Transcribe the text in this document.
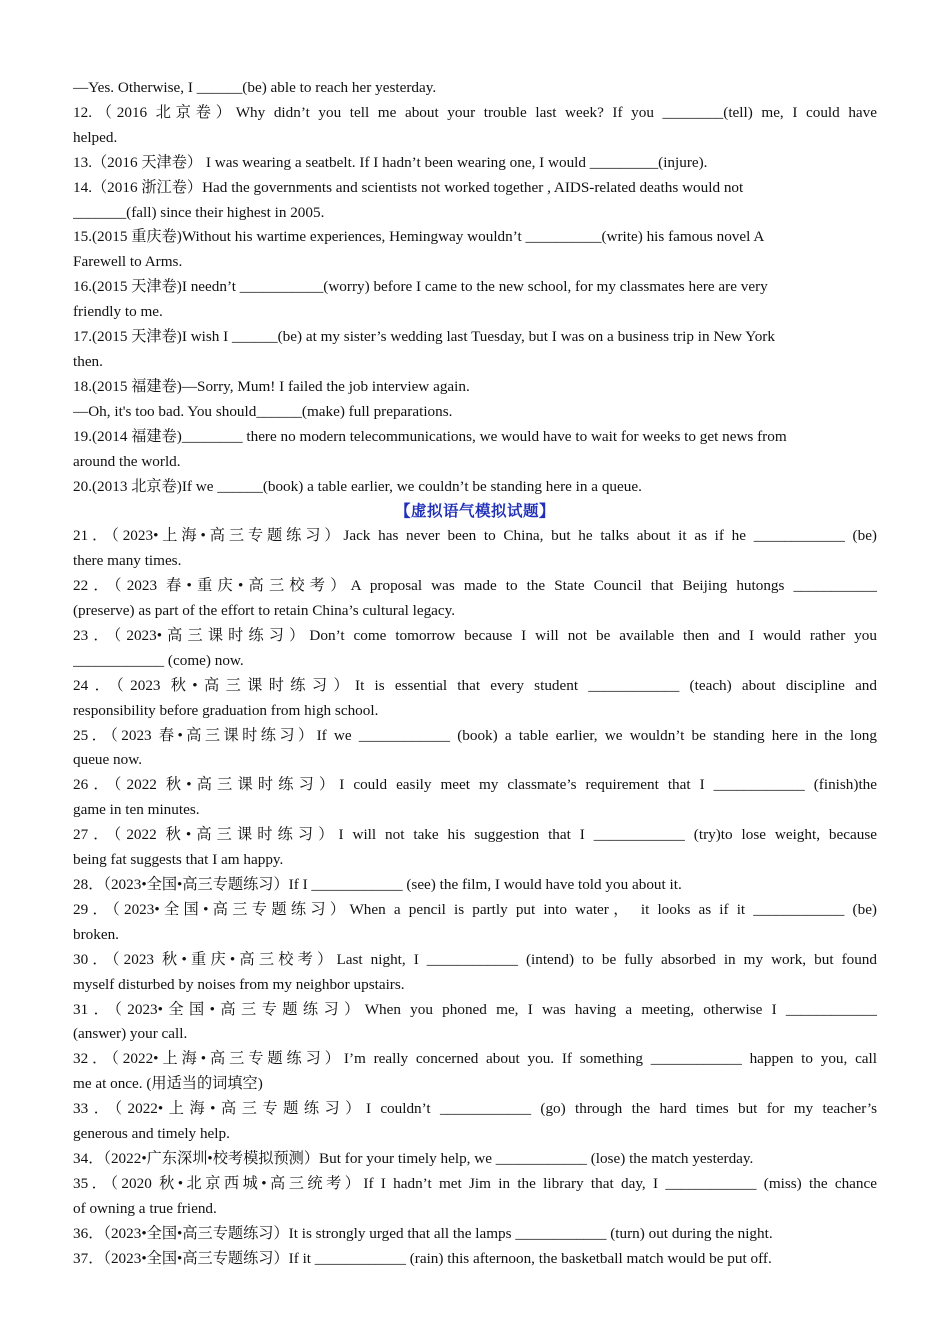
—Yes. Otherwise, I ______(be) able to reach her yesterday.
12.（2016 北京卷）Why didn’t you tell me about your trouble last week? If you ________(tell) me, I could have
helped.
13.（2016 天津卷） I was wearing a seatbelt. If I hadn’t been wearing one, I would _________(injure).
14.（2016 浙江卷）Had the governments and scientists not worked together , AIDS-related deaths would not
_______(fall) since their highest in 2005.
15.(2015 重庆卷)Without his wartime experiences, Hemingway wouldn’t __________(write) his famous novel A
Farewell to Arms.
16.(2015 天津卷)I needn’t ___________(worry) before I came to the new school, for my classmates here are very
friendly to me.
17.(2015 天津卷)I wish I ______(be) at my sister’s wedding last Tuesday, but I was on a business trip in New York
then.
18.(2015 福建卷)—Sorry, Mum! I failed the job interview again.
—Oh, it's too bad. You should______(make) full preparations.
19.(2014 福建卷)________ there no modern telecommunications, we would have to wait for weeks to get news from
around the world.
20.(2013 北京卷)If we ______(book) a table earlier, we couldn’t be standing here in a queue.
【虚拟语气模拟试题】
21．（2023•上海•高三专题练习）Jack has never been to China, but he talks about it as if he ____________ (be)
there many times.
22．（2023 春•重庆•高三校考）A proposal was made to the State Council that Beijing hutongs ___________
(preserve) as part of the effort to retain China’s cultural legacy.
23．（2023•高三课时练习）Don’t come tomorrow because I will not be available then and I would rather you
____________ (come) now.
24．（2023 秋•高三课时练习）It is essential that every student ____________ (teach) about discipline and
responsibility before graduation from high school.
25．（2023 春•高三课时练习）If we ____________ (book) a table earlier, we wouldn’t be standing here in the long
queue now.
26．（2022 秋•高三课时练习）I could easily meet my classmate’s requirement that I ____________ (finish)the
game in ten minutes.
27．（2022 秋•高三课时练习）I will not take his suggestion that I ____________ (try)to lose weight, because
being fat suggests that I am happy.
28．（2023•全国•高三专题练习）If I ____________ (see) the film, I would have told you about it.
29．（2023•全国•高三专题练习）When a pencil is partly put into water， it looks as if it ____________ (be)
broken.
30．（2023 秋•重庆•高三校考）Last night, I ____________ (intend) to be fully absorbed in my work, but found
myself disturbed by noises from my neighbor upstairs.
31．（2023•全国•高三专题练习）When you phoned me, I was having a meeting, otherwise I ____________
(answer) your call.
32．（2022•上海•高三专题练习）I’m really concerned about you. If something ____________ happen to you, call
me at once. (用适当的词填空)
33．（2022•上海•高三专题练习）I couldn’t ____________ (go) through the hard times but for my teacher’s
generous and timely help.
34．（2022•广东深圳•校考模拟预测）But for your timely help, we ____________ (lose) the match yesterday.
35．（2020 秋•北京西城•高三统考）If I hadn’t met Jim in the library that day, I ____________ (miss) the chance
of owning a true friend.
36．（2023•全国•高三专题练习）It is strongly urged that all the lamps ____________ (turn) out during the night.
37．（2023•全国•高三专题练习）If it ____________ (rain) this afternoon, the basketball match would be put off.
